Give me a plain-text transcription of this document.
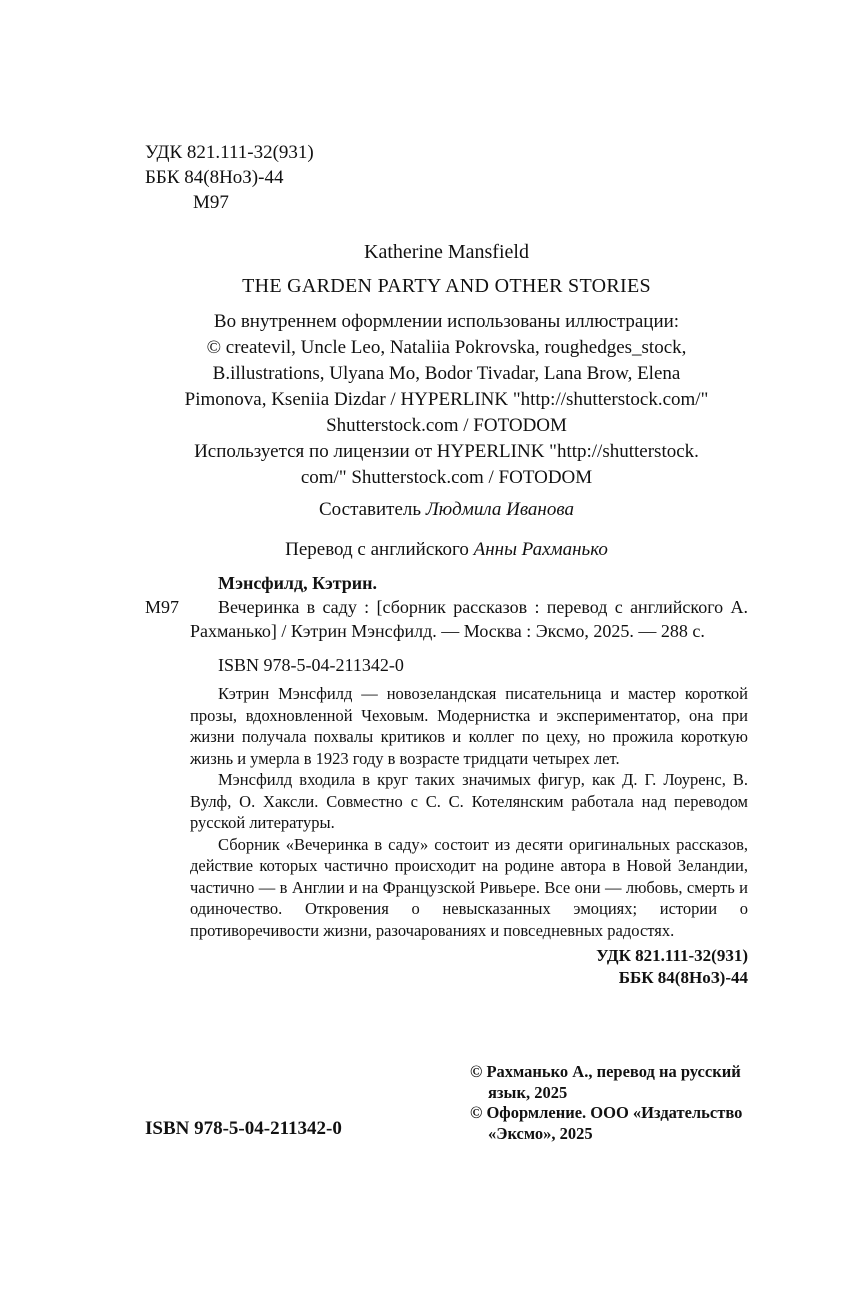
УДК 821.111-32(931)
ББК 84(8НоЗ)-44
М97
Katherine Mansfield
THE GARDEN PARTY AND OTHER STORIES
Во внутреннем оформлении использованы иллюстрации:
© createvil, Uncle Leo, Nataliia Pokrovska, roughedges_stock,
B.illustrations, Ulyana Mo, Bodor Tivadar, Lana Brow, Elena
Pimonova, Kseniia Dizdar / HYPERLINK "http://shutterstock.com/"
Shutterstock.com / FOTODOM
Используется по лицензии от HYPERLINK "http://shutterstock.
com/" Shutterstock.com / FOTODOM
Составитель Людмила Иванова
Перевод с английского Анны Рахманько
М97
Мэнсфилд, Кэтрин.
Вечеринка в саду : [сборник рассказов : перевод с английского А. Рахманько] / Кэтрин Мэнсфилд. — Москва : Эксмо, 2025. — 288 с.
ISBN 978-5-04-211342-0

Кэтрин Мэнсфилд — новозеландская писательница и мастер короткой прозы, вдохновленной Чеховым. Модернистка и экспериментатор, она при жизни получала похвалы критиков и коллег по цеху, но прожила короткую жизнь и умерла в 1923 году в возрасте тридцати четырех лет.

Мэнсфилд входила в круг таких значимых фигур, как Д. Г. Лоуренс, В. Вулф, О. Хаксли. Совместно с С. С. Котелянским работала над переводом русской литературы.

Сборник «Вечеринка в саду» состоит из десяти оригинальных рассказов, действие которых частично происходит на родине автора в Новой Зеландии, частично — в Англии и на Французской Ривьере. Все они — любовь, смерть и одиночество. Откровения о невысказанных эмоциях; истории о противоречивости жизни, разочарованиях и повседневных радостях.

УДК 821.111-32(931)
ББК 84(8НоЗ)-44
© Рахманько А., перевод на русский язык, 2025
© Оформление. ООО «Издательство «Эксмо», 2025
ISBN 978-5-04-211342-0
